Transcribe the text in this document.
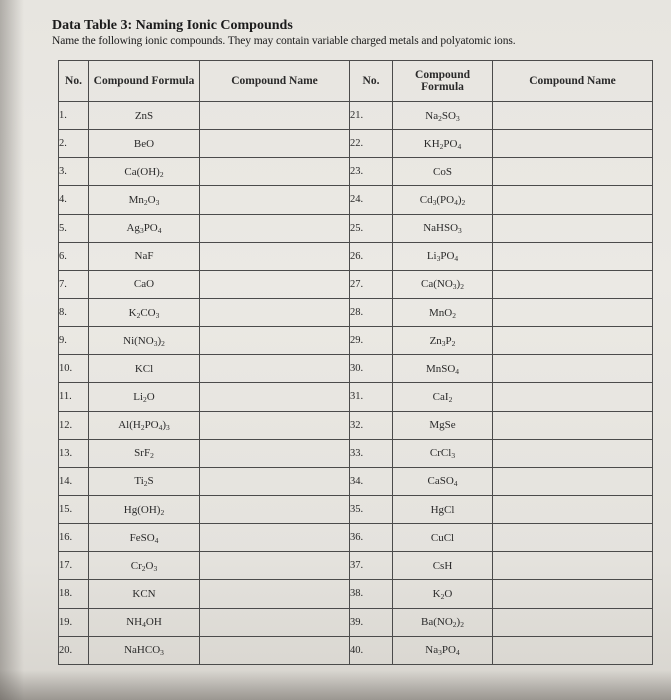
Data Table 3: Naming Ionic Compounds

Name the following ionic compounds. They may contain variable charged metals and polyatomic ions.

No.	Compound Formula	Compound Name	No.	Compound Formula	Compound Name
1.	ZnS		21.	$Na_2SO_3$	
2.	BeO		22.	$KH_2PO_4$	
3.	$Ca(OH)_2$		23.	CoS	
4.	$Mn_2O_3$		24.	$Cd_3(PO_4)_2$	
5.	$Ag_3PO_4$		25.	NaHSO$_3$	
6.	NaF		26.	$Li_3PO_4$	
7.	CaO		27.	$Ca(NO_3)_2$	
8.	$K_2CO_3$		28.	MnO$_2$	
9.	$Ni(NO_3)_2$		29.	$Zn_3P_2$	
10.	KCl		30.	MnSO$_4$	
11.	$Li_2O$		31.	CaI$_2$	
12.	$Al(H_2PO_4)_3$		32.	MgSe	
13.	SrF$_2$		33.	CrCl$_3$	
14.	$Ti_2S$		34.	CaSO$_4$	
15.	$Hg(OH)_2$		35.	HgCl	
16.	FeSO$_4$		36.	CuCl	
17.	$Cr_2O_3$		37.	CsH	
18.	KCN		38.	$K_2O$	
19.	$NH_4OH$		39.	$Ba(NO_2)_2$	
20.	NaHCO$_3$		40.	$Na_3PO_4$	
